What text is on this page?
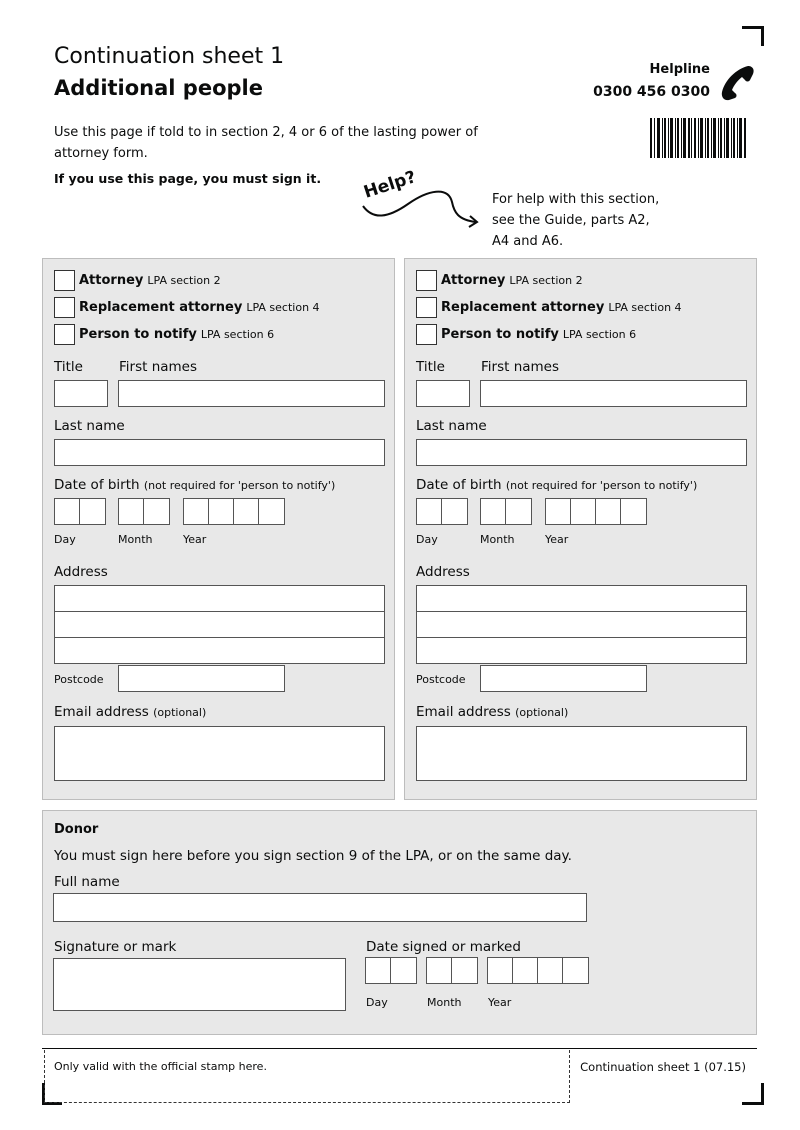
Continuation sheet 1
Additional people
Helpline
0300 456 0300
Use this page if told to in section 2, 4 or 6 of the lasting power of attorney form.
If you use this page, you must sign it. Help?	For help with this section,
see the Guide, parts A2,
A4 and A6.
Attorney LPA section 2
Replacement attorney LPA section 4
Person to notify LPA section 6
Title	First names
Last name
Date of birth (not required for 'person to notify')
Day	Month	Year
Address
Postcode
Email address (optional)
Attorney LPA section 2
Replacement attorney LPA section 4
Person to notify LPA section 6
Title	First names
Last name
Date of birth (not required for 'person to notify')
Day	Month	Year
Address
Postcode
Email address (optional)
Donor
You must sign here before you sign section 9 of the LPA, or on the same day.
Full name
Signature or mark	Date signed or marked
Day	Month Year
Only valid with the official stamp here.	Continuation sheet 1 (07.15)
